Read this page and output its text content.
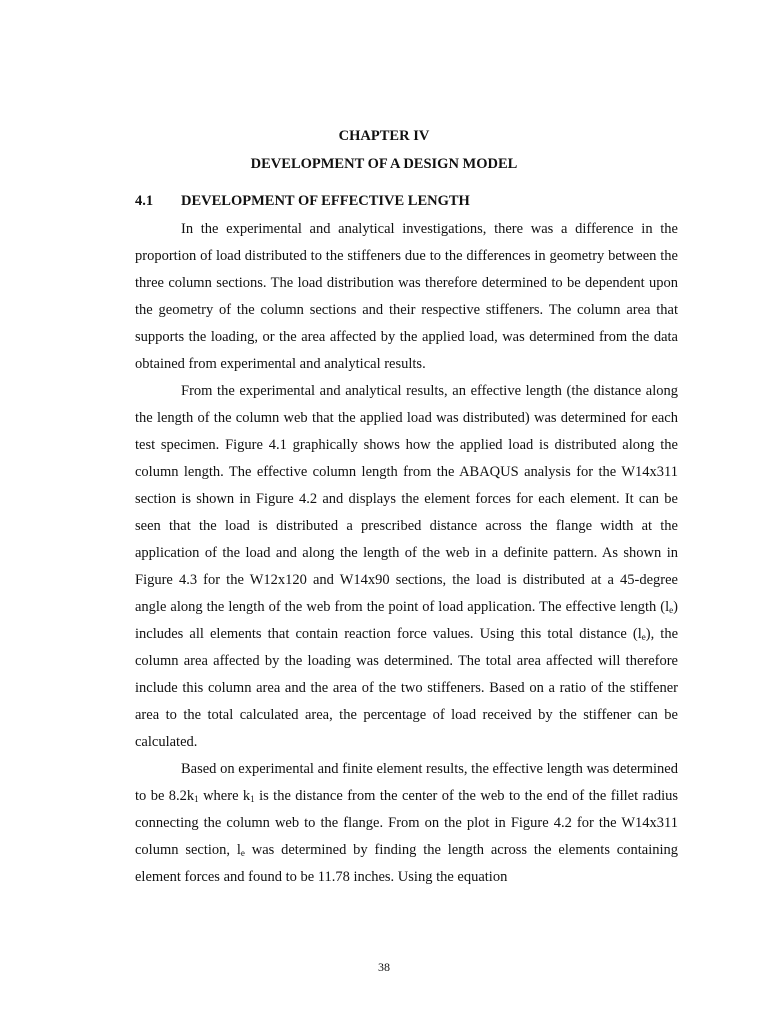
CHAPTER IV
DEVELOPMENT OF A DESIGN MODEL
4.1 DEVELOPMENT OF EFFECTIVE LENGTH

In the experimental and analytical investigations, there was a difference in the proportion of load distributed to the stiffeners due to the differences in geometry between the three column sections. The load distribution was therefore determined to be dependent upon the geometry of the column sections and their respective stiffeners. The column area that supports the loading, or the area affected by the applied load, was determined from the data obtained from experimental and analytical results.

From the experimental and analytical results, an effective length (the distance along the length of the column web that the applied load was distributed) was determined for each test specimen. Figure 4.1 graphically shows how the applied load is distributed along the column length. The effective column length from the ABAQUS analysis for the W14x311 section is shown in Figure 4.2 and displays the element forces for each element. It can be seen that the load is distributed a prescribed distance across the flange width at the application of the load and along the length of the web in a definite pattern. As shown in Figure 4.3 for the W12x120 and W14x90 sections, the load is distributed at a 45-degree angle along the length of the web from the point of load application. The effective length $(l_e)$ includes all elements that contain reaction force values. Using this total distance $(l_e)$, the column area affected by the loading was determined. The total area affected will therefore include this column area and the area of the two stiffeners. Based on a ratio of the stiffener area to the total calculated area, the percentage of load received by the stiffener can be calculated.

Based on experimental and finite element results, the effective length was determined to be $8.2k_1$ where $k_1$ is the distance from the center of the web to the end of the fillet radius connecting the column web to the flange. From on the plot in Figure 4.2 for the W14x311 column section, $l_e$ was determined by finding the length across the elements containing element forces and found to be 11.78 inches. Using the equation

38
